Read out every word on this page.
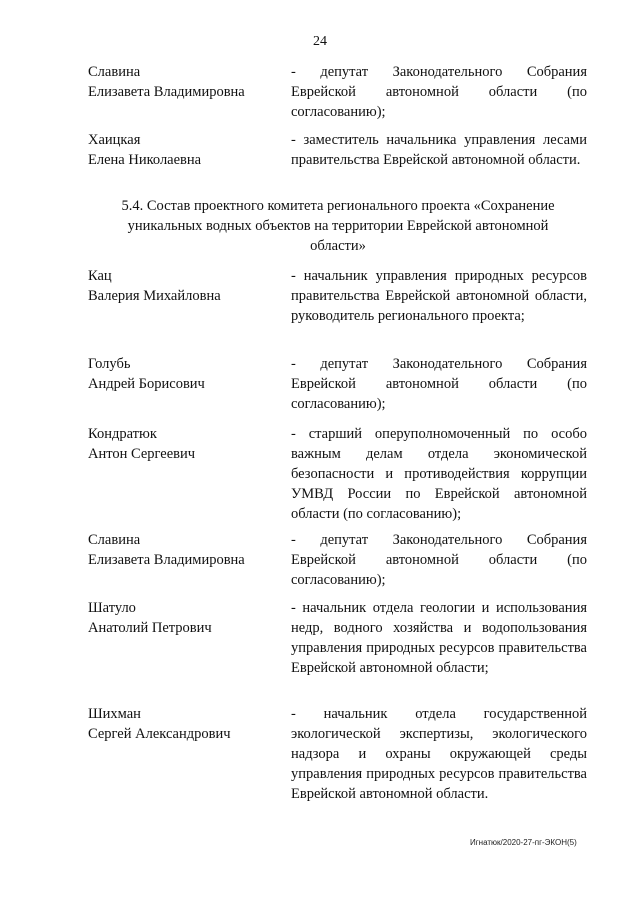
24
Славина
Елизавета Владимировна
- депутат Законодательного Собрания Еврейской автономной области (по согласованию);
Хаицкая
Елена Николаевна
- заместитель начальника управления лесами правительства Еврейской автономной области.
5.4. Состав проектного комитета регионального проекта «Сохранение уникальных водных объектов на территории Еврейской автономной области»
Кац
Валерия Михайловна
- начальник управления природных ресурсов правительства Еврейской автономной области, руководитель регионального проекта;
Голубь
Андрей Борисович
- депутат Законодательного Собрания Еврейской автономной области (по согласованию);
Кондратюк
Антон Сергеевич
- старший оперуполномоченный по особо важным делам отдела экономической безопасности и противодействия коррупции УМВД России по Еврейской автономной области (по согласованию);
Славина
Елизавета Владимировна
- депутат Законодательного Собрания Еврейской автономной области (по согласованию);
Шатуло
Анатолий Петрович
- начальник отдела геологии и использования недр, водного хозяйства и водопользования управления природных ресурсов правительства Еврейской автономной области;
Шихман
Сергей Александрович
- начальник отдела государственной экологической экспертизы, экологического надзора и охраны окружающей среды управления природных ресурсов правительства Еврейской автономной области.
Игнатюк/2020-27-пг-ЭКОН(5)
